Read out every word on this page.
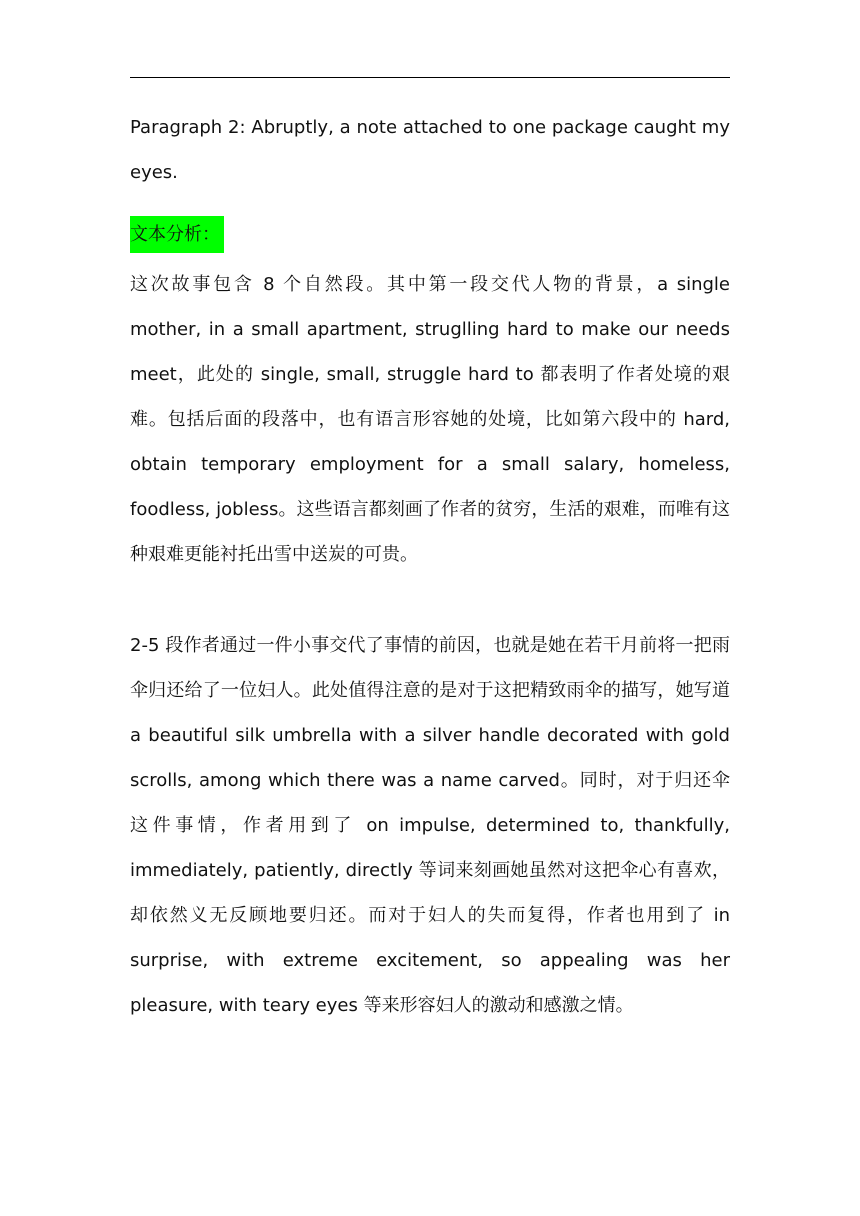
Paragraph 2: Abruptly, a note attached to one package caught my eyes.

文本分析：

这次故事包含 8 个自然段。其中第一段交代人物的背景，a single mother, in a small apartment, struglling hard to make our needs meet，此处的 single, small, struggle hard to 都表明了作者处境的艰难。包括后面的段落中，也有语言形容她的处境，比如第六段中的 hard, obtain temporary employment for a small salary, homeless, foodless, jobless。这些语言都刻画了作者的贫穷，生活的艰难，而唯有这种艰难更能衬托出雪中送炭的可贵。

2-5 段作者通过一件小事交代了事情的前因，也就是她在若干月前将一把雨伞归还给了一位妇人。此处值得注意的是对于这把精致雨伞的描写，她写道 a beautiful silk umbrella with a silver handle decorated with gold scrolls, among which there was a name carved。同时，对于归还伞这件事情，作者用到了 on impulse, determined to, thankfully, immediately, patiently, directly 等词来刻画她虽然对这把伞心有喜欢，却依然义无反顾地要归还。而对于妇人的失而复得，作者也用到了 in surprise, with extreme excitement, so appealing was her pleasure, with teary eyes 等来形容妇人的激动和感激之情。
